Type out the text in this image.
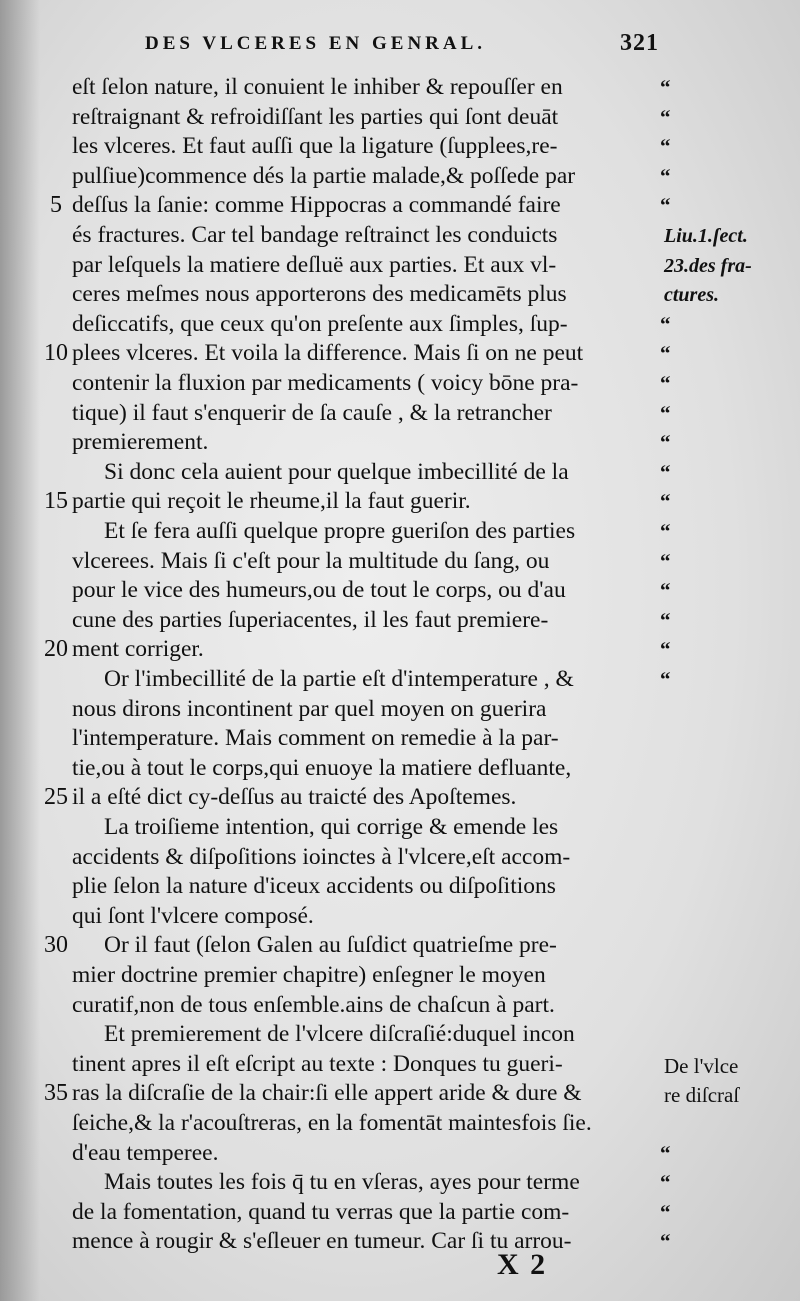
DES VLCERES EN GENRAL.	321
eſt ſelon nature, il conuient le inhiber & repouſſer en	“
reſtraignant & refroidiſſant les parties qui ſont deuāt	“
les vlceres. Et faut auſſi que la ligature (ſupplees,re-	“
pulſiue)commence dés la partie malade,& poſſede par	“
deſſus la ſanie: comme Hippocras a commandé faire	“
és fractures. Car tel bandage reſtrainct les conduicts
par leſquels la matiere deſluë aux parties. Et aux vl-
ceres meſmes nous apporterons des medicamēts plus
deſiccatifs, que ceux qu'on preſente aux ſimples, ſup-	“
plees vlceres. Et voila la difference. Mais ſi on ne peut	“
contenir la fluxion par medicaments ( voicy bōne pra-	“
tique) il faut s'enquerir de ſa cauſe , & la retrancher	“
premierement.	“
Si donc cela auient pour quelque imbecillité de la	“
partie qui reçoit le rheume,il la faut guerir.	“
Et ſe fera auſſi quelque propre gueriſon des parties	“
vlcerees. Mais ſi c'eſt pour la multitude du ſang, ou	“
pour le vice des humeurs,ou de tout le corps, ou d'au	“
cune des parties ſuperiacentes, il les faut premiere-	“
ment corriger.	“
Or l'imbecillité de la partie eſt d'intemperature , &	“
nous dirons incontinent par quel moyen on guerira
l'intemperature. Mais comment on remedie à la par-
tie,ou à tout le corps,qui enuoye la matiere defluante,
il a eſté dict cy-deſſus au traicté des Apoſtemes.
La troiſieme intention, qui corrige & emende les
accidents & diſpoſitions ioinctes à l'vlcere,eſt accom-
plie ſelon la nature d'iceux accidents ou diſpoſitions
qui ſont l'vlcere composé.
Or il faut (ſelon Galen au ſuſdict quatrieſme pre-
mier doctrine premier chapitre) enſegner le moyen
curatif,non de tous enſemble.ains de chaſcun à part.
Et premierement de l'vlcere diſcraſié:duquel incon
tinent apres il eſt eſcript au texte : Donques tu gueri-
ras la diſcraſie de la chair:ſi elle appert aride & dure &
ſeiche,& la r'acouſtreras, en la fomentāt maintesfois ſie.
d'eau temperee.	“
Mais toutes les fois q̄ tu en vſeras, ayes pour terme	“
de la fomentation, quand tu verras que la partie com-	“
mence à rougir & s'eſleuer en tumeur. Car ſi tu arrou-	“
5
10
15
20
25
30
35
Liu.1.ſect.
23.des fra-
ctures.
De l'vlce
re diſcraſ
X 2
